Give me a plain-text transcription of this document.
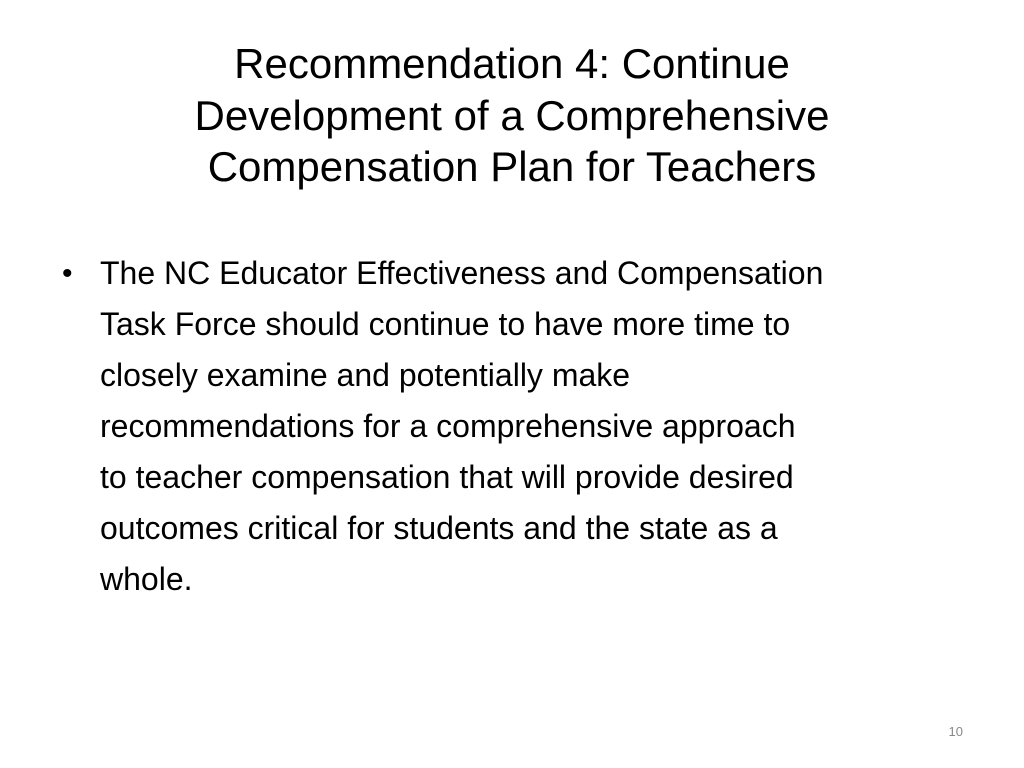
Recommendation 4: Continue
Development of a Comprehensive
Compensation Plan for Teachers
• The NC Educator Effectiveness and Compensation
Task Force should continue to have more time to
closely examine and potentially make
recommendations for a comprehensive approach
to teacher compensation that will provide desired
outcomes critical for students and the state as a
whole.
10
